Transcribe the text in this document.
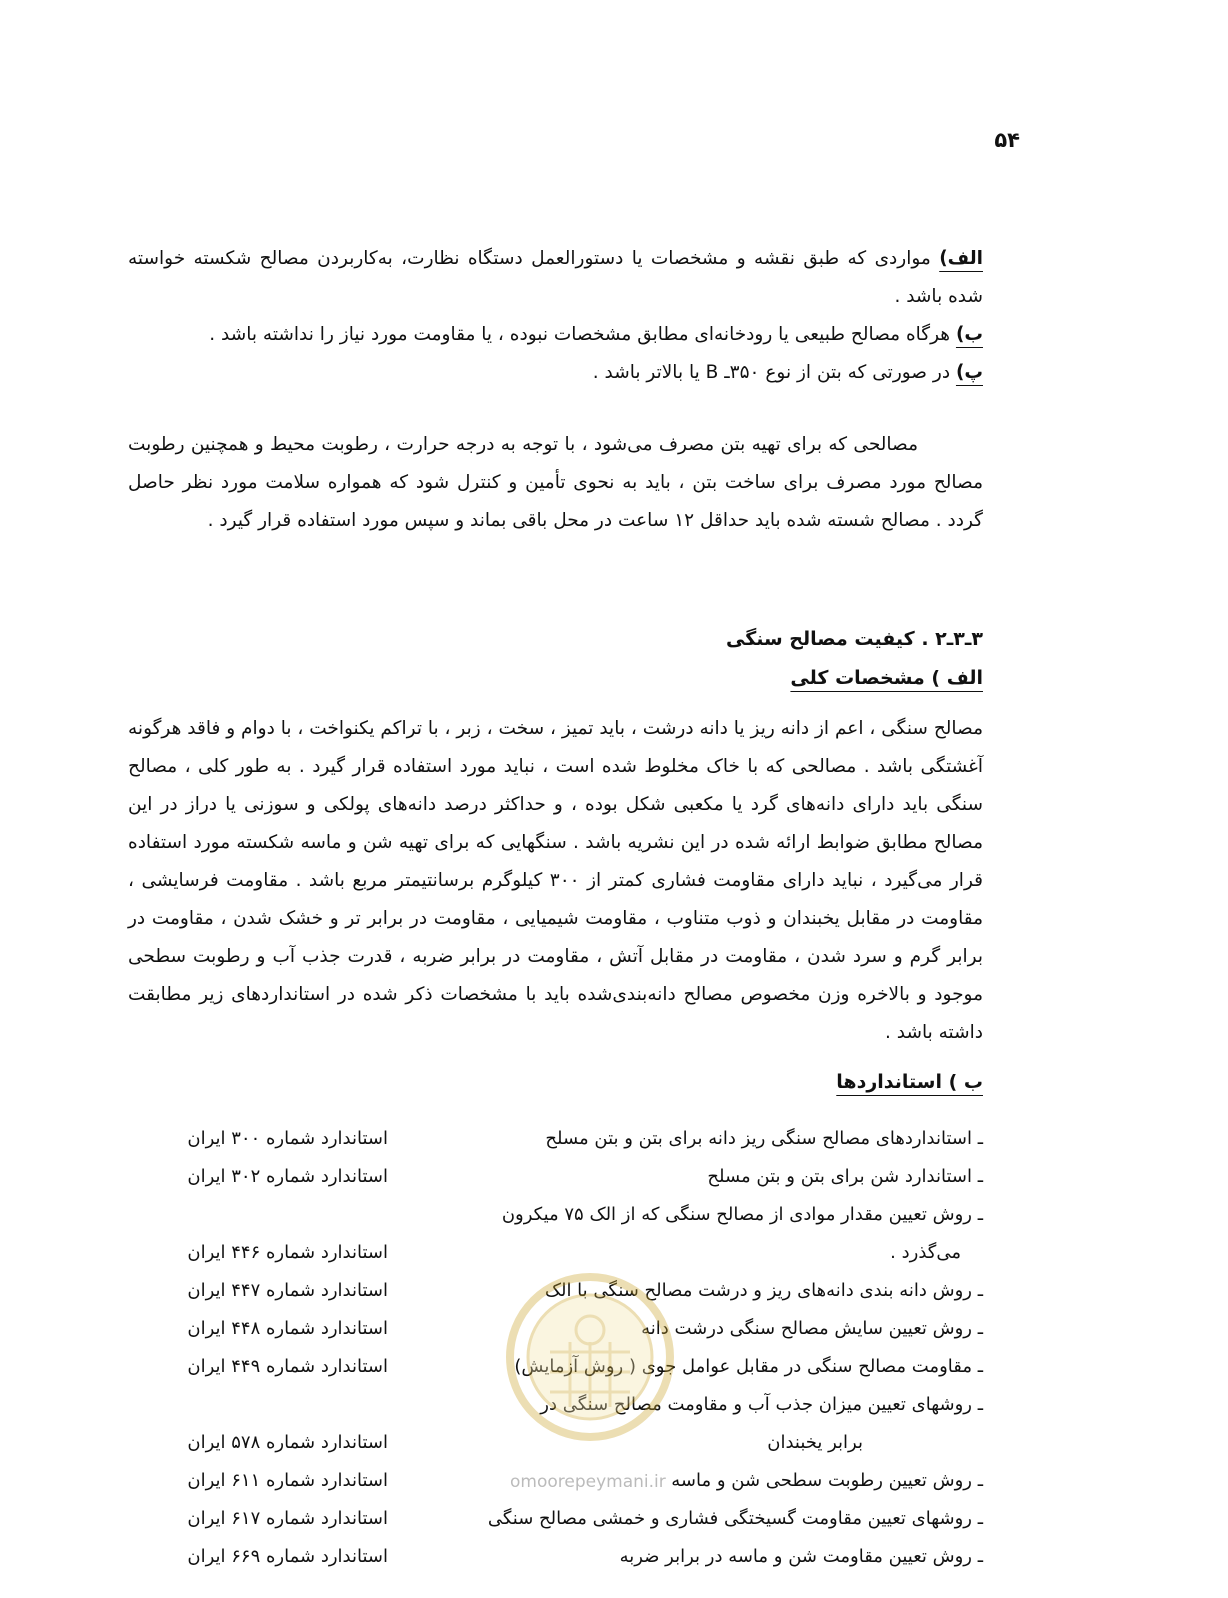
۵۴
الف) مواردی که طبق نقشه و مشخصات یا دستورالعمل دستگاه نظارت، به‌کاربردن مصالح شکسته خواسته شده باشد .
ب) هرگاه مصالح طبیعی یا رودخانه‌ای مطابق مشخصات نبوده ، یا مقاومت مورد نیاز را نداشته باشد .
پ) در صورتی که بتن از نوع ۳۵۰ـ B یا بالاتر باشد .
مصالحی که برای تهیه بتن مصرف می‌شود ، با توجه به درجه حرارت ، رطوبت محیط و همچنین رطوبت مصالح مورد مصرف برای ساخت بتن ، باید به نحوی تأمین و کنترل شود که همواره سلامت مورد نظر حاصل گردد . مصالح شسته شده باید حداقل ۱۲ ساعت در محل باقی بماند و سپس مورد استفاده قرار گیرد .
۳ـ۳ـ۲ . کیفیت مصالح سنگی
الف ) مشخصات کلی
مصالح سنگی ، اعم از دانه ریز یا دانه درشت ، باید تمیز ، سخت ، زبر ، با تراکم یکنواخت ، با دوام و فاقد هرگونه آغشتگی باشد . مصالحی که با خاک مخلوط شده است ، نباید مورد استفاده قرار گیرد . به طور کلی ، مصالح سنگی باید دارای دانه‌های گرد یا مکعبی شکل بوده ، و حداکثر درصد دانه‌های پولکی و سوزنی یا دراز در این مصالح مطابق ضوابط ارائه شده در این نشریه باشد . سنگهایی که برای تهیه شن و ماسه شکسته مورد استفاده قرار می‌گیرد ، نباید دارای مقاومت فشاری کمتر از ۳۰۰ کیلوگرم برسانتیمتر مربع باشد . مقاومت فرسایشی ، مقاومت در مقابل یخبندان و ذوب متناوب ، مقاومت شیمیایی ، مقاومت در برابر تر و خشک شدن ، مقاومت در برابر گرم و سرد شدن ، مقاومت در مقابل آتش ، مقاومت در برابر ضربه ، قدرت جذب آب و رطوبت سطحی موجود و بالاخره وزن مخصوص مصالح دانه‌بندی‌شده باید با مشخصات ذکر شده در استانداردهای زیر مطابقت داشته باشد .
ب ) استانداردها
ـ استانداردهای مصالح سنگی ریز دانه برای بتن و بتن مسلح
استاندارد شماره ۳۰۰ ایران
ـ استاندارد شن برای بتن و بتن مسلح
استاندارد شماره ۳۰۲ ایران
ـ روش تعیین مقدار موادی از مصالح سنگی که از الک ۷۵ میکرون
می‌گذرد .
استاندارد شماره ۴۴۶ ایران
ـ روش دانه بندی دانه‌های ریز و درشت مصالح سنگی با الک
استاندارد شماره ۴۴۷ ایران
ـ روش تعیین سایش مصالح سنگی درشت دانه
استاندارد شماره ۴۴۸ ایران
ـ مقاومت مصالح سنگی در مقابل عوامل جوی ( روش آزمایش)
استاندارد شماره ۴۴۹ ایران
ـ روشهای تعیین میزان جذب آب و مقاومت مصالح سنگی در
برابر یخبندان
استاندارد شماره ۵۷۸ ایران
ـ روش تعیین رطوبت سطحی شن و ماسه
استاندارد شماره ۶۱۱ ایران
ـ روشهای تعیین مقاومت گسیختگی فشاری و خمشی مصالح سنگی
استاندارد شماره ۶۱۷ ایران
ـ روش تعیین مقاومت شن و ماسه در برابر ضربه
استاندارد شماره ۶۶۹ ایران
omoorepeymani.ir
